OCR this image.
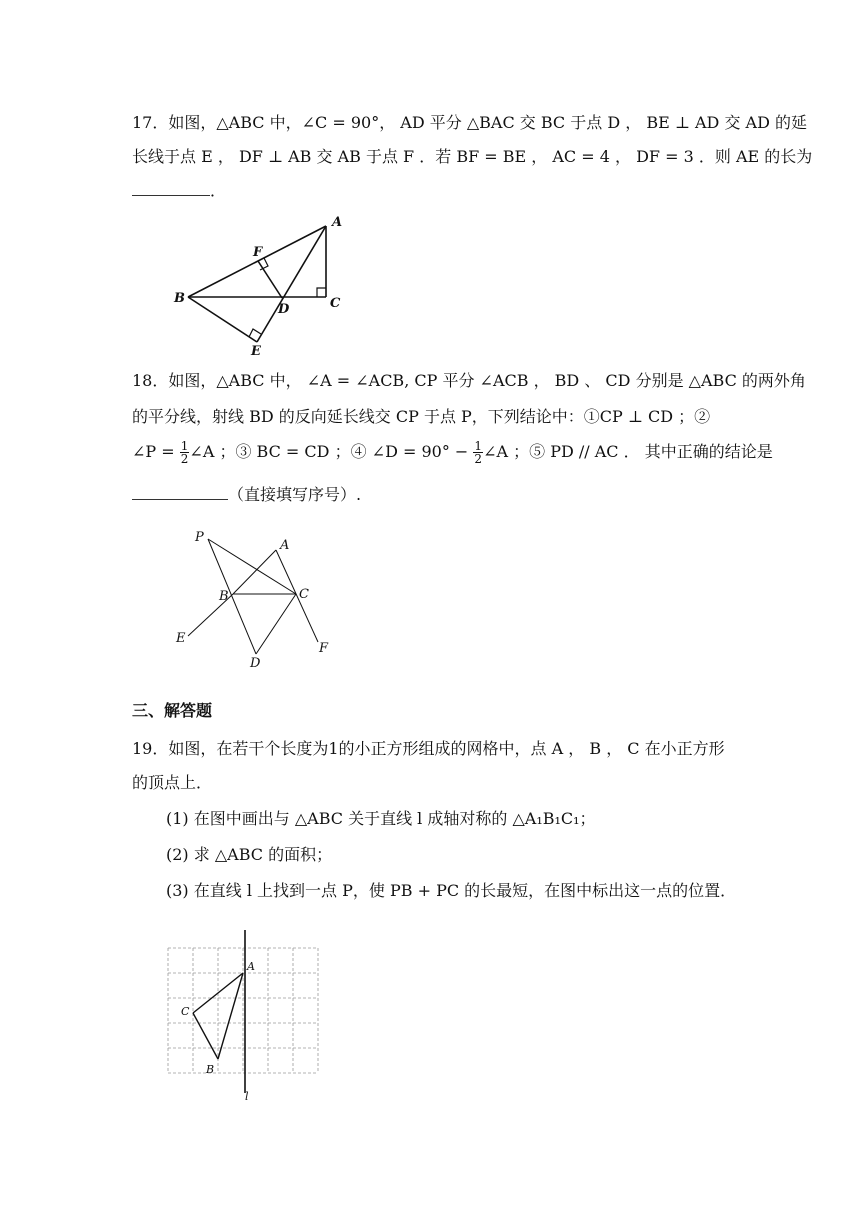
17．如图，△ABC 中，∠C = 90°， AD 平分 △BAC 交 BC 于点 D ， BE ⊥ AD 交 AD 的延
长线于点 E ， DF ⊥ AB 交 AB 于点 F ．若 BF = BE ， AC = 4 ， DF = 3 ．则 AE 的长为
．
A
B	C
D
E
F
18．如图，△ABC 中， ∠A = ∠ACB, CP 平分 ∠ACB ， BD 、 CD 分别是 △ABC 的两外角
的平分线，射线 BD 的反向延长线交 CP 于点 P，下列结论中：①CP ⊥ CD ；②
∠P = $\frac{1}{2}$ ∠A ；③ BC = CD ；④ ∠D = $90^\circ - \frac{1}{2}$ ∠A ；⑤ PD // AC ． 其中正确的结论是
（直接填写序号）.
P
A
B	C
E
F
D
三、解答题
19．如图，在若干个长度为1的小正方形组成的网格中，点 A ， B ， C 在小正方形
的顶点上．
(1) 在图中画出与 △ABC 关于直线 l 成轴对称的 △A₁B₁C₁；
(2) 求 △ABC 的面积；
(3) 在直线 l 上找到一点 P，使 PB + PC 的长最短，在图中标出这一点的位置．
A
C
B
l
